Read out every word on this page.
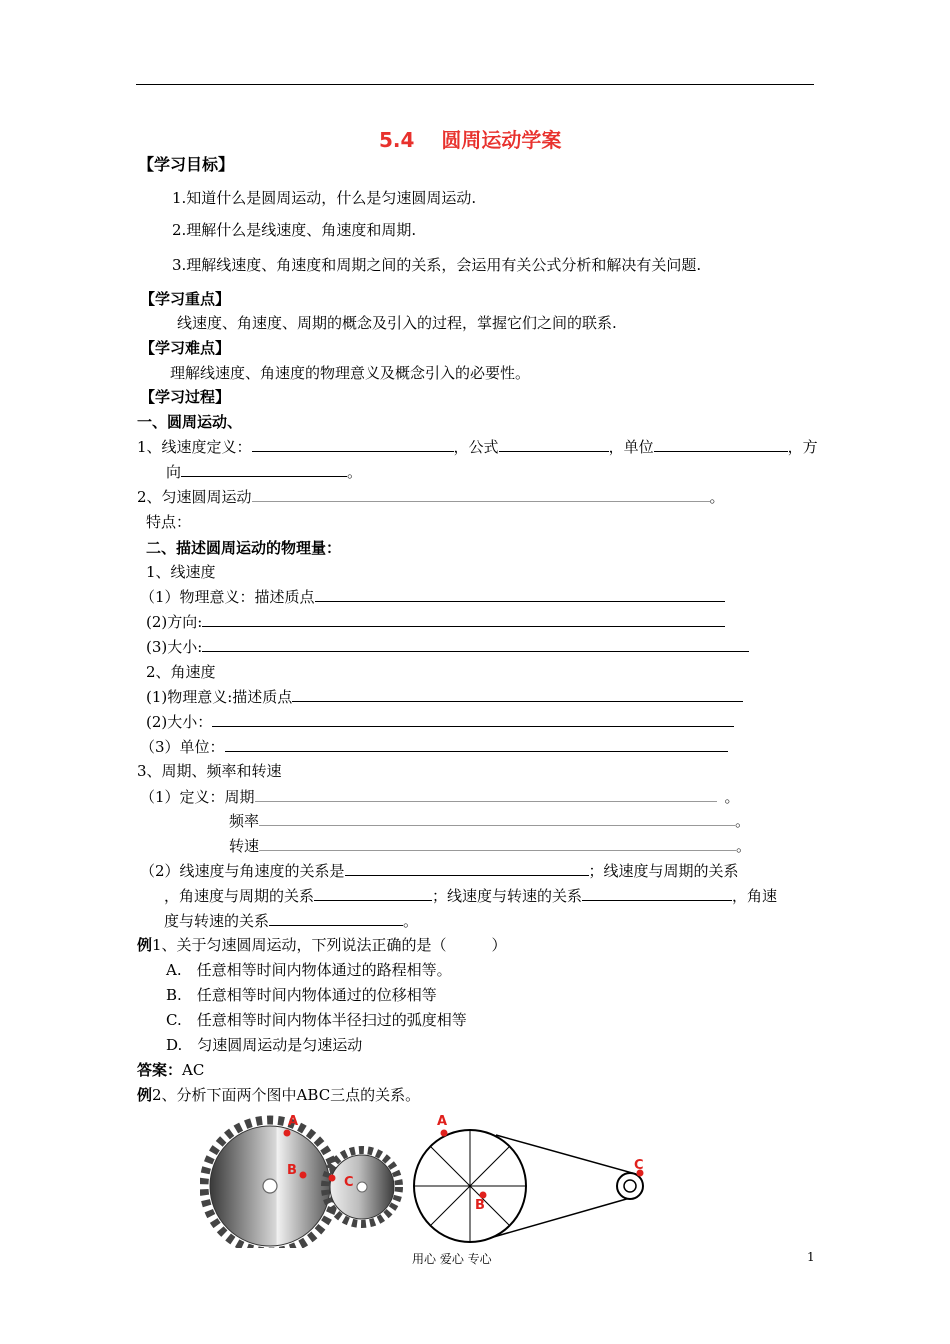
5.4　 圆周运动学案
【学习目标】
1.知道什么是圆周运动，什么是匀速圆周运动.
2.理解什么是线速度、角速度和周期.
3.理解线速度、角速度和周期之间的关系，会运用有关公式分析和解决有关问题.
【学习重点】
线速度、角速度、周期的概念及引入的过程，掌握它们之间的联系.
【学习难点】
理解线速度、角速度的物理意义及概念引入的必要性。
【学习过程】
一、圆周运动、
1、线速度定义：	，公式	，单位	，方
向	。
2、匀速圆周运动	。
特点：
二、描述圆周运动的物理量：
1、线速度
（1）物理意义：描述质点
(2)方向:
(3)大小:
2、角速度
(1)物理意义:描述质点
(2)大小：
（3）单位：
3、周期、频率和转速
（1）定义：周期	。
频率	。
转速	。
（2）线速度与角速度的关系是	；线速度与周期的关系
，角速度与周期的关系	；线速度与转速的关系	，角速
度与转速的关系	。
例1、关于匀速圆周运动，下列说法正确的是（　　　）
A.　任意相等时间内物体通过的路程相等。
B.　任意相等时间内物体通过的位移相等
C.　任意相等时间内物体半径扫过的弧度相等
D.　匀速圆周运动是匀速运动
答案：AC
例2、分析下面两个图中ABC三点的关系。
A
B
C
A
B
C
用心 爱心 专心	1
